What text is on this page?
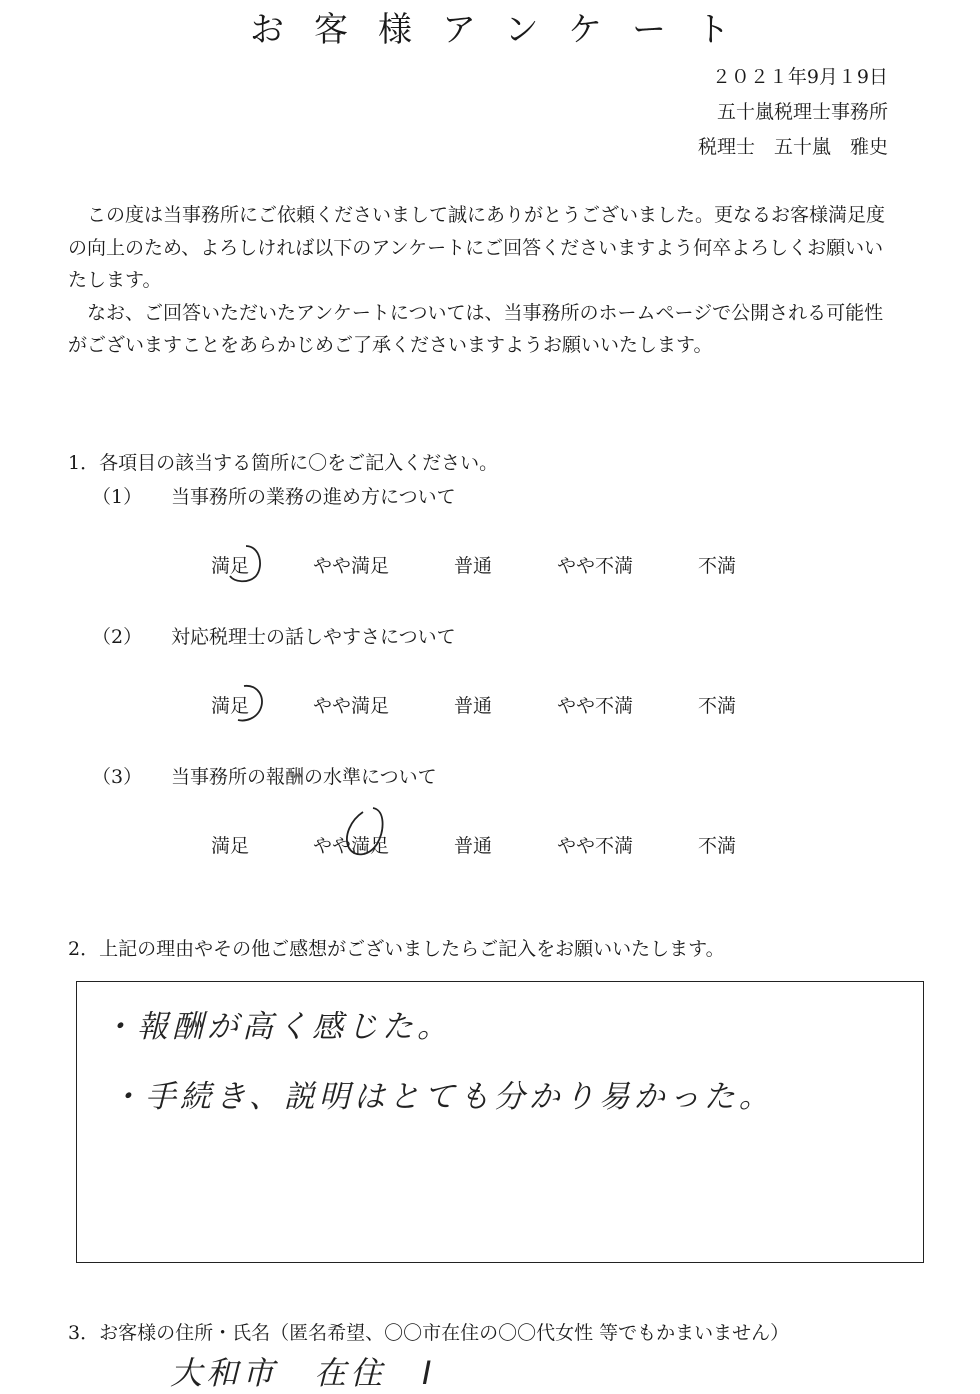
お客様アンケート
２０２１年9月１9日
五十嵐税理士事務所
税理士　五十嵐　雅史

この度は当事務所にご依頼くださいまして誠にありがとうございました。更なるお客様満足度の向上のため、よろしければ以下のアンケートにご回答くださいますよう何卒よろしくお願いいたします。

なお、ご回答いただいたアンケートについては、当事務所のホームページで公開される可能性がございますことをあらかじめご了承くださいますようお願いいたします。

1．各項目の該当する箇所に〇をご記入ください。
（1） 当事務所の業務の進め方について
満足	やや満足	普通	やや不満	不満
（2） 対応税理士の話しやすさについて
満足	やや満足	普通	やや不満	不満
（3） 当事務所の報酬の水準について
満足	やや満足	普通	やや不満	不満
2．上記の理由やその他ご感想がございましたらご記入をお願いいたします。
・報酬が高く感じた。
・手続き、説明はとても分かり易かった。
3．お客様の住所・氏名（匿名希望、〇〇市在住の〇〇代女性 等でもかまいません）
大和市　在住　I
